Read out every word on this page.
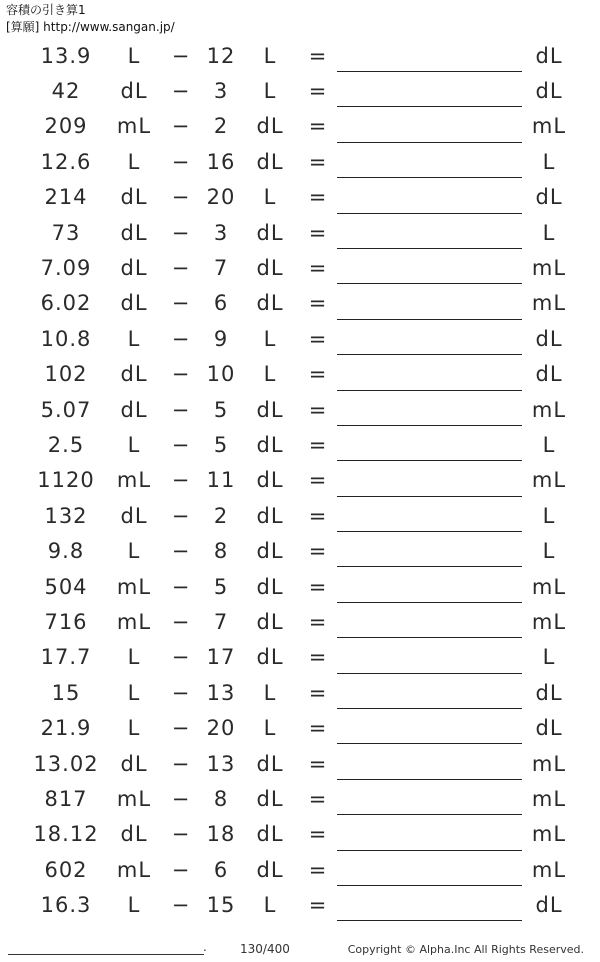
容積の引き算1
[算願] http://www.sangan.jp/
13.9 L − 12 L =	dL
42 dL − 3 L =	dL
209 mL − 2 dL =	mL
12.6 L − 16 dL =	L
214 dL − 20 L =	dL
73 dL − 3 dL =	L
7.09 dL − 7 dL =	mL
6.02 dL − 6 dL =	mL
10.8 L − 9 L =	dL
102 dL − 10 L =	dL
5.07 dL − 5 dL =	mL
2.5 L − 5 dL =	L
1120 mL − 11 dL =	mL
132 dL − 2 dL =	L
9.8 L − 8 dL =	L
504 mL − 5 dL =	mL
716 mL − 7 dL =	mL
17.7 L − 17 dL =	L
15 L − 13 L =	dL
21.9 L − 20 L =	dL
13.02 dL − 13 dL =	mL
817 mL − 8 dL =	mL
18.12 dL − 18 dL =	mL
602 mL − 6 dL =	mL
16.3 L − 15 L =	dL
.	130/400	Copyright © Alpha.Inc All Rights Reserved.
